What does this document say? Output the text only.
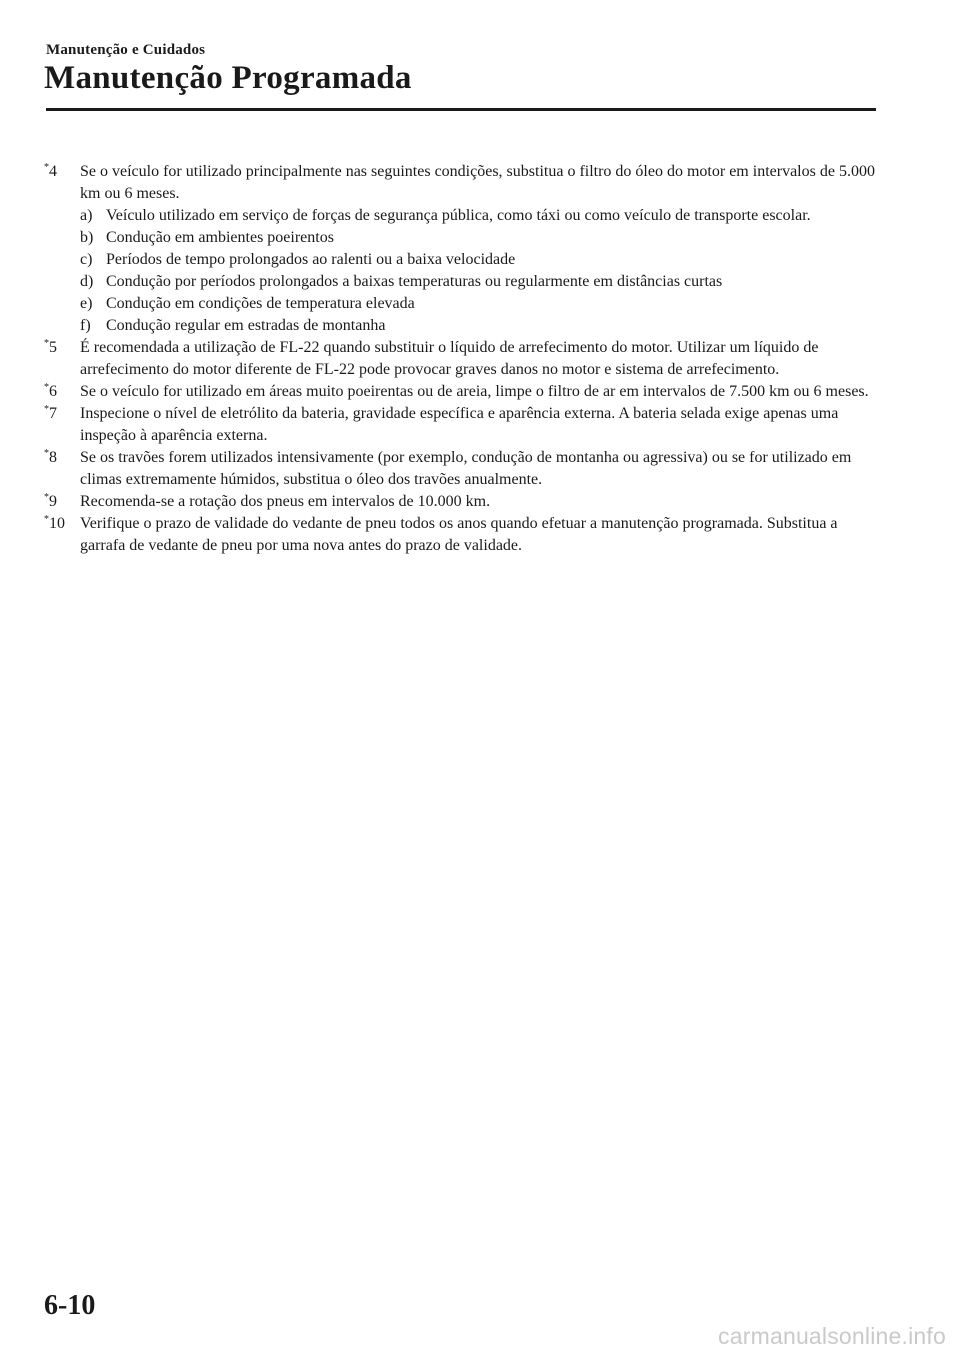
Manutenção e Cuidados
Manutenção Programada
*4 Se o veículo for utilizado principalmente nas seguintes condições, substitua o filtro do óleo do motor em intervalos de 5.000 km ou 6 meses.
a) Veículo utilizado em serviço de forças de segurança pública, como táxi ou como veículo de transporte escolar.
b) Condução em ambientes poeirentos
c) Períodos de tempo prolongados ao ralenti ou a baixa velocidade
d) Condução por períodos prolongados a baixas temperaturas ou regularmente em distâncias curtas
e) Condução em condições de temperatura elevada
f) Condução regular em estradas de montanha
*5 É recomendada a utilização de FL-22 quando substituir o líquido de arrefecimento do motor. Utilizar um líquido de arrefecimento do motor diferente de FL-22 pode provocar graves danos no motor e sistema de arrefecimento.
*6 Se o veículo for utilizado em áreas muito poeirentas ou de areia, limpe o filtro de ar em intervalos de 7.500 km ou 6 meses.
*7 Inspecione o nível de eletrólito da bateria, gravidade específica e aparência externa. A bateria selada exige apenas uma inspeção à aparência externa.
*8 Se os travões forem utilizados intensivamente (por exemplo, condução de montanha ou agressiva) ou se for utilizado em climas extremamente húmidos, substitua o óleo dos travões anualmente.
*9 Recomenda-se a rotação dos pneus em intervalos de 10.000 km.
*10 Verifique o prazo de validade do vedante de pneu todos os anos quando efetuar a manutenção programada. Substitua a garrafa de vedante de pneu por uma nova antes do prazo de validade.
6-10
carmanualsonline.info
